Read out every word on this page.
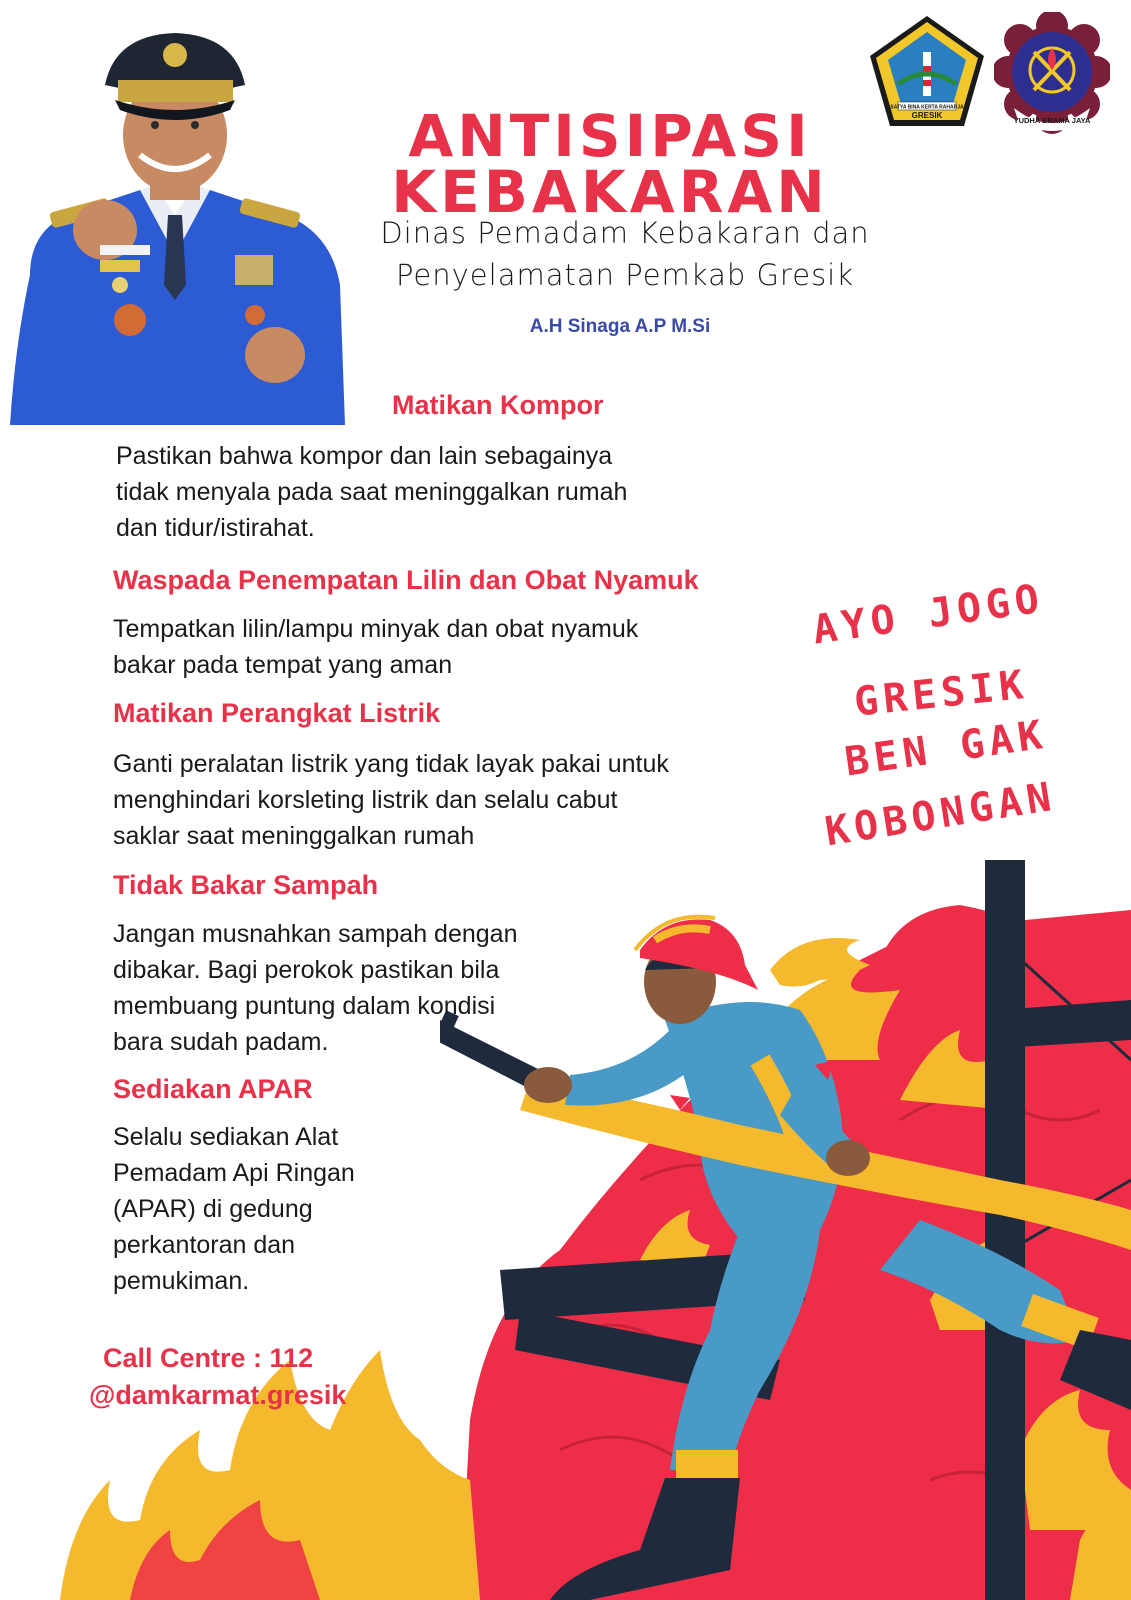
SATYA BINA KERTA RAHARJA
GRESIK
YUDHA BRAMA JAYA
ANTISIPASI
KEBAKARAN
Dinas Pemadam Kebakaran dan
Penyelamatan Pemkab Gresik
A.H Sinaga A.P M.Si
Matikan Kompor
Pastikan bahwa kompor dan lain sebagainya
tidak menyala pada saat meninggalkan rumah
dan tidur/istirahat.
Waspada Penempatan Lilin dan Obat Nyamuk
Tempatkan lilin/lampu minyak dan obat nyamuk
bakar pada tempat yang aman
Matikan Perangkat Listrik
Ganti peralatan listrik yang tidak layak pakai untuk
menghindari korsleting listrik dan selalu cabut
saklar saat meninggalkan rumah
Tidak Bakar Sampah
Jangan musnahkan sampah dengan
dibakar. Bagi perokok pastikan bila
membuang puntung dalam kondisi
bara sudah padam.
Sediakan APAR
Selalu sediakan Alat
Pemadam Api Ringan
(APAR) di gedung
perkantoran dan
pemukiman.
AYO JOGO
GRESIK
BEN GAK
KOBONGAN
Call Centre : 112
@damkarmat.gresik
